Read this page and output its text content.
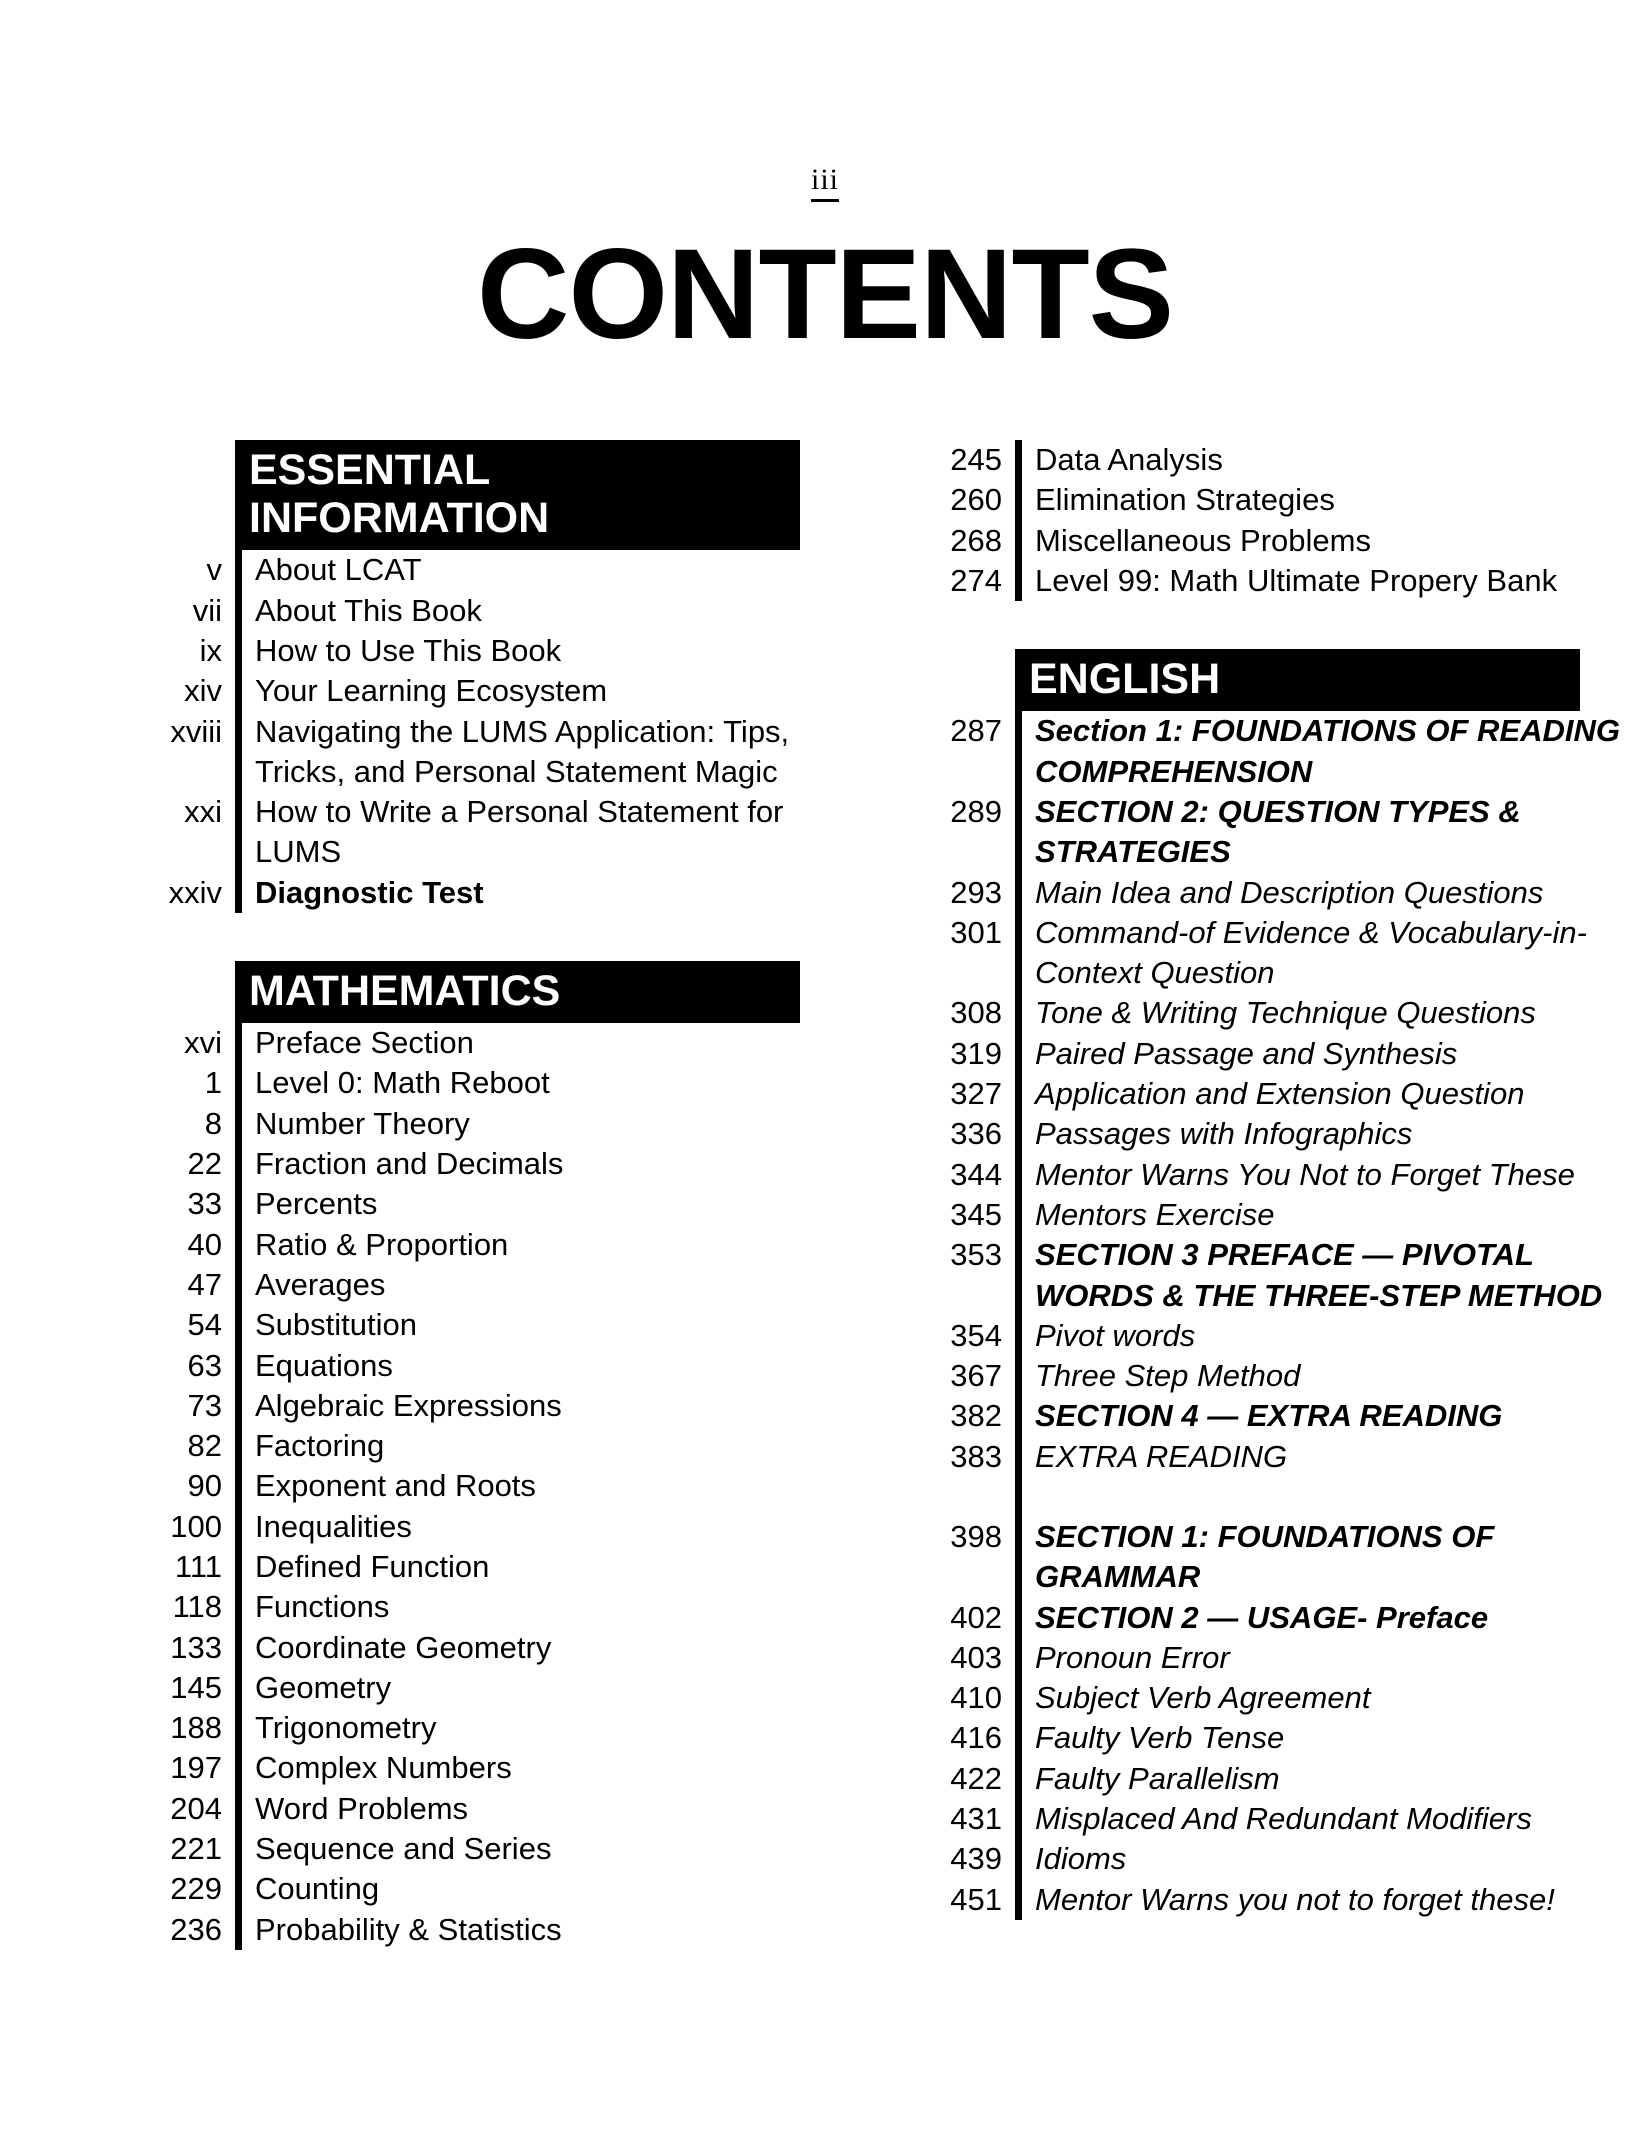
iii
CONTENTS
ESSENTIAL INFORMATION
v	About LCAT
vii	About This Book
ix	How to Use This Book
xiv	Your Learning Ecosystem
xviii	Navigating the LUMS Application: Tips, Tricks, and Personal Statement Magic
xxi	How to Write a Personal Statement for LUMS
xxiv	Diagnostic Test
MATHEMATICS
xvi	Preface Section
1	Level 0: Math Reboot
8	Number Theory
22	Fraction and Decimals
33	Percents
40	Ratio & Proportion
47	Averages
54	Substitution
63	Equations
73	Algebraic Expressions
82	Factoring
90	Exponent and Roots
100	Inequalities
111	Defined Function
118	Functions
133	Coordinate Geometry
145	Geometry
188	Trigonometry
197	Complex Numbers
204	Word Problems
221	Sequence and Series
229	Counting
236	Probability & Statistics
245	Data Analysis
260	Elimination Strategies
268	Miscellaneous Problems
274	Level 99: Math Ultimate Propery Bank
ENGLISH
287	Section 1: FOUNDATIONS OF READING COMPREHENSION
289	SECTION 2: QUESTION TYPES & STRATEGIES
293	Main Idea and Description Questions
301	Command-of Evidence & Vocabulary-in-Context Question
308	Tone & Writing Technique Questions
319	Paired Passage and Synthesis
327	Application and Extension Question
336	Passages with Infographics
344	Mentor Warns You Not to Forget These
345	Mentors Exercise
353	SECTION 3 PREFACE — PIVOTAL WORDS & THE THREE-STEP METHOD
354	Pivot words
367	Three Step Method
382	SECTION 4 — EXTRA READING
383	EXTRA READING
398	SECTION 1: FOUNDATIONS OF GRAMMAR
402	SECTION 2 — USAGE- Preface
403	Pronoun Error
410	Subject Verb Agreement
416	Faulty Verb Tense
422	Faulty Parallelism
431	Misplaced And Redundant Modifiers
439	Idioms
451	Mentor Warns you not to forget these!
